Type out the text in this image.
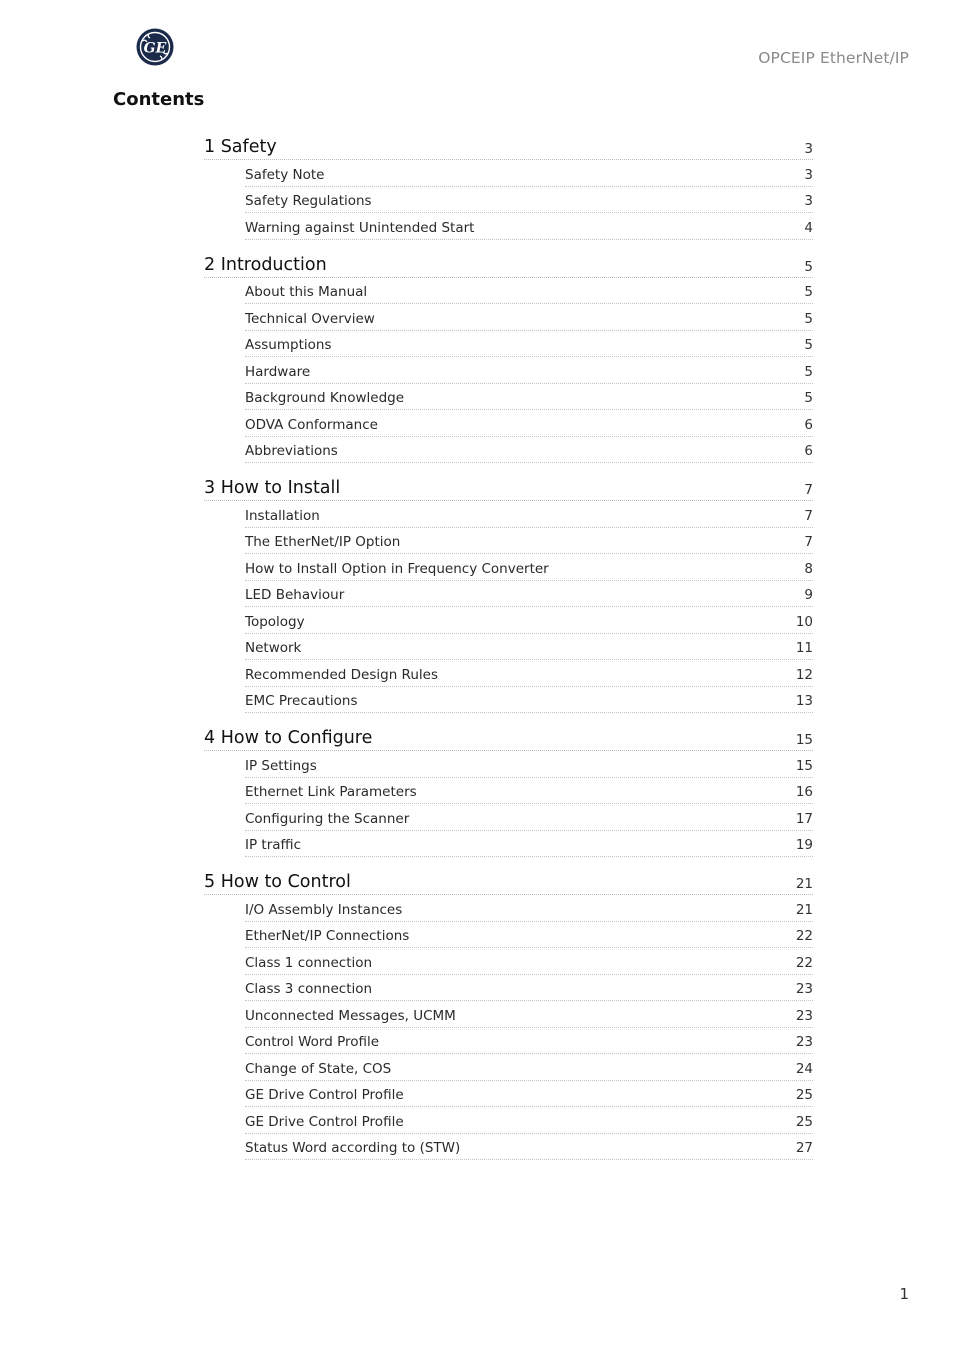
GE
OPCEIP EtherNet/IP
Contents
1 Safety	3
Safety Note	3
Safety Regulations	3
Warning against Unintended Start	4
2 Introduction	5
About this Manual	5
Technical Overview	5
Assumptions	5
Hardware	5
Background Knowledge	5
ODVA Conformance	6
Abbreviations	6
3 How to Install	7
Installation	7
The EtherNet/IP Option	7
How to Install Option in Frequency Converter	8
LED Behaviour	9
Topology	10
Network	11
Recommended Design Rules	12
EMC Precautions	13
4 How to Configure	15
IP Settings	15
Ethernet Link Parameters	16
Configuring the Scanner	17
IP traffic	19
5 How to Control	21
I/O Assembly Instances	21
EtherNet/IP Connections	22
Class 1 connection	22
Class 3 connection	23
Unconnected Messages, UCMM	23
Control Word Profile	23
Change of State, COS	24
GE Drive Control Profile	25
GE Drive Control Profile	25
Status Word according to (STW)	27
1
